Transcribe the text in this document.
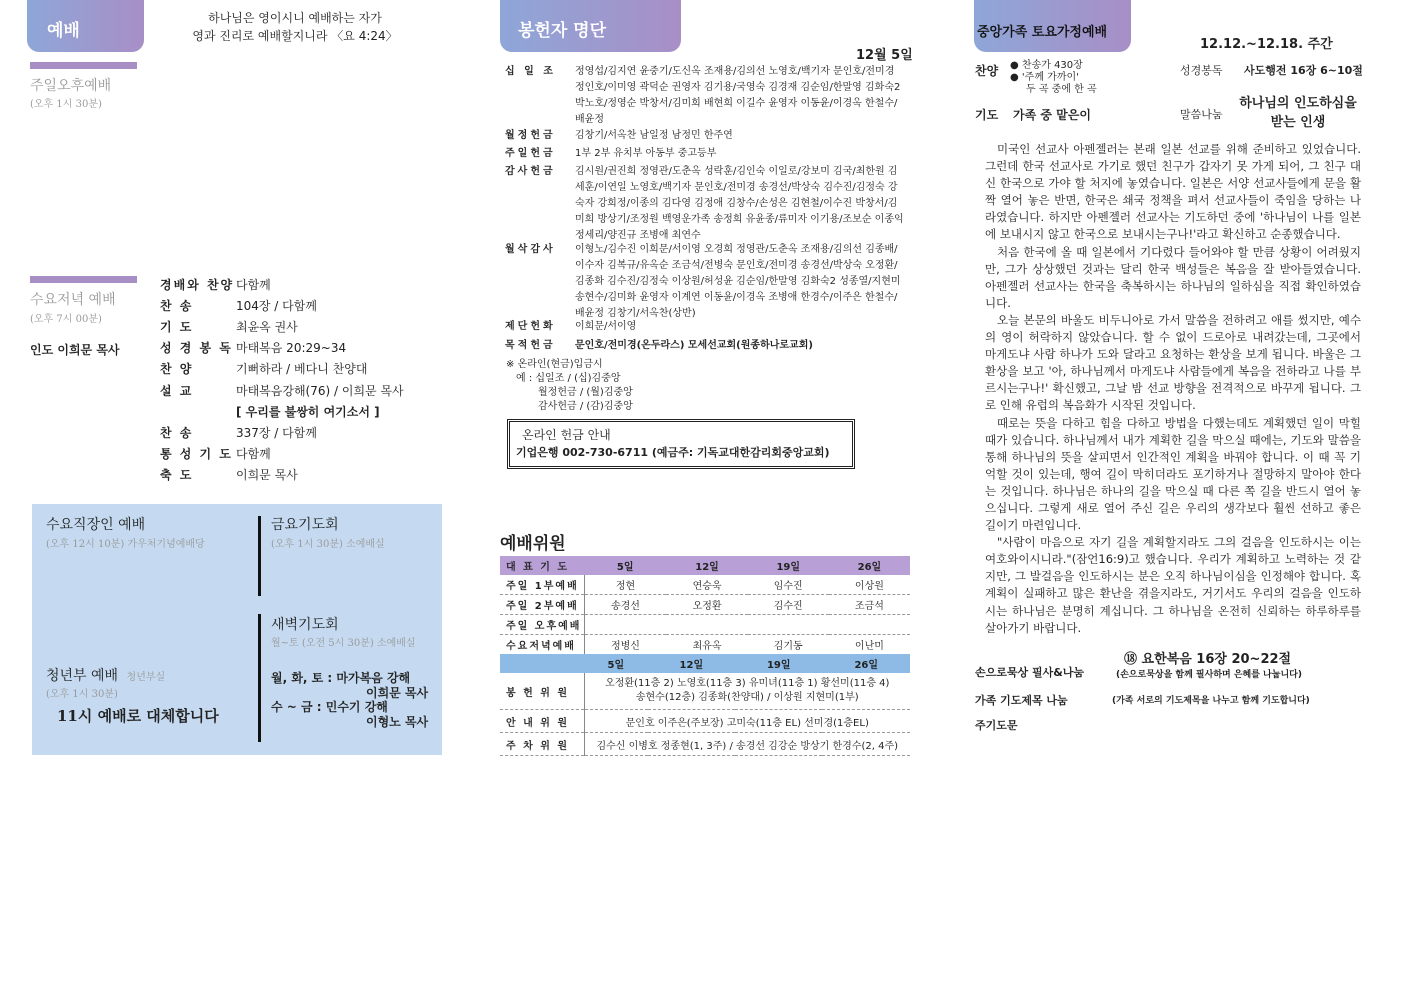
예배
하나님은 영이시니 예배하는 자가
영과 진리로 예배할지니라 〈요 4:24〉
주일오후예배
(오후 1시 30분)
수요저녁 예배
(오후 7시 00분)
인도 이희문 목사
경배와 찬양 다함께
찬 송	104장 / 다함께
기 도	최윤옥 권사
성 경 봉 독 마태복음 20:29~34
찬 양	기뻐하라 / 베다니 찬양대
설 교	마태복음강해(76) / 이희문 목사
[ 우리를 불쌍히 여기소서 ]
찬 송	337장 / 다함께
통 성 기 도 다함께
축 도	이희문 목사
수요직장인 예배
(오후 12시 10분) 가우처기념예배당
금요기도회
(오후 1시 30분) 소예배실
새벽기도회
월~토 (오전 5시 30분) 소예배실
월, 화, 토 : 마가복음 강해
이희문 목사
수 ~ 금 : 민수기 강해
이형노 목사
청년부 예배 청년부실
(오후 1시 30분)
11시 예배로 대체합니다
봉헌자 명단
12월 5일
십 일 조	정영섭/김지연 윤중기/도신옥 조재용/김의선 노영호/백기자 문인호/전미경 정인호/이미영 곽덕순 권영자 김기용/국영숙 김경재 김순임/한말영 김화숙2 박노호/정영순 박창서/김미희 배현희 이길수 윤영자 이동윤/이경옥 한철수/배윤정
월정헌금	김창기/서옥찬 남일정 남정민 한주연
주일헌금	1부 2부 유치부 아동부 중고등부
감사헌금	김시원/권진희 정영관/도춘옥 성락훈/김인숙 이일로/강보미 김국/최한원 김세훈/이연일 노영호/백기자 문인호/전미경 송경선/박상숙 김수진/김정숙 강숙자 강희정/이종의 김다영 김정애 김창수/손성은 김현철/이수진 박창서/김미희 방상기/조정원 백영운가족 송정희 유윤종/류미자 이기용/조보순 이종익 정세리/양진규 조병애 최연수
월삭감사	이형노/김수진 이희문/서이영 오경희 정영관/도춘옥 조재용/김의선 김종배/이수자 김복규/유옥순 조금석/전병숙 문인호/전미경 송경선/박상숙 오정환/김종화 김수진/김정숙 이상원/허성윤 김순임/한말영 김화숙2 성종열/지현미 송현수/김미화 윤영자 이계연 이동윤/이경옥 조병애 한경수/이주은 한철수/배윤정 김창기/서옥찬(상반)
제단헌화	이희문/서이영
목적헌금	문인호/전미경(온두라스) 모세선교회(원종하나로교회)
※ 온라인(현금)입금시
예 : 십일조 / (십)김중앙
월정헌금 / (월)김중앙
감사헌금 / (감)김중앙
온라인 헌금 안내
기업은행 002-730-6711 (예금주: 기독교대한감리회중앙교회)
예배위원
대 표 기 도	5일	12일	19일	26일
주일 1부예배	정현	연승욱	임수진	이상원
주일 2부예배	송경선	오정환	김수진	조금석
주일 오후예배				
수요저녁예배	정병신	최유옥	김기동	이난미
	5일	12일	19일	26일
봉 헌 위 원	오정환(11층 2) 노영호(11층 3) 유미녀(11층 1) 황선미(11층 4)
송현수(12층) 김종화(찬양대) / 이상원 지현미(1부)			

안 내 위 원	문인호 이주은(주보장) 고미숙(11층 EL) 선미경(1층EL)			
주 차 위 원	김수신 이병호 정종현(1, 3주) / 송경선 김강순 방상기 한경수(2, 4주)			
중앙가족 토요가정예배
12.12.~12.18. 주간
찬양 ● 찬송가 430장
● '주께 가까이'
두 곡 중에 한 곡
성경봉독 사도행전 16장 6~10절
기도 가족 중 맡은이	말씀나눔
하나님의 인도하심을
받는 인생

미국인 선교사 아펜젤러는 본래 일본 선교를 위해 준비하고 있었습니다. 그런데 한국 선교사로 가기로 했던 친구가 갑자기 못 가게 되어, 그 친구 대신 한국으로 가야 할 처지에 놓였습니다. 일본은 서양 선교사들에게 문을 활짝 열어 놓은 반면, 한국은 쇄국 정책을 펴서 선교사들이 죽임을 당하는 나라였습니다. 하지만 아펜젤러 선교사는 기도하던 중에 '하나님이 나를 일본에 보내시지 않고 한국으로 보내시는구나!'라고 확신하고 순종했습니다.

처음 한국에 올 때 일본에서 기다렸다 들어와야 할 만큼 상황이 어려웠지만, 그가 상상했던 것과는 달리 한국 백성들은 복음을 잘 받아들였습니다. 아펜젤러 선교사는 한국을 축복하시는 하나님의 일하심을 직접 확인하였습니다.

오늘 본문의 바울도 비두니아로 가서 말씀을 전하려고 애를 썼지만, 예수의 영이 허락하지 않았습니다. 할 수 없이 드로아로 내려갔는데, 그곳에서 마게도냐 사람 하나가 도와 달라고 요청하는 환상을 보게 됩니다. 바울은 그 환상을 보고 '아, 하나님께서 마게도냐 사람들에게 복음을 전하라고 나를 부르시는구나!' 확신했고, 그날 밤 선교 방향을 전격적으로 바꾸게 됩니다. 그로 인해 유럽의 복음화가 시작된 것입니다.

때로는 뜻을 다하고 힘을 다하고 방법을 다했는데도 계획했던 일이 막힐 때가 있습니다. 하나님께서 내가 계획한 길을 막으실 때에는, 기도와 말씀을 통해 하나님의 뜻을 살피면서 인간적인 계획을 바꿔야 합니다. 이 때 꼭 기억할 것이 있는데, 행여 길이 막히더라도 포기하거나 절망하지 말아야 한다는 것입니다. 하나님은 하나의 길을 막으실 때 다른 쪽 길을 반드시 열어 놓으십니다. 그렇게 새로 열어 주신 길은 우리의 생각보다 훨씬 선하고 좋은 길이기 마련입니다.

"사람이 마음으로 자기 길을 계획할지라도 그의 걸음을 인도하시는 이는 여호와이시니라."(잠언16:9)고 했습니다. 우리가 계획하고 노력하는 것 같지만, 그 발걸음을 인도하시는 분은 오직 하나님이심을 인정해야 합니다. 혹 계획이 실패하고 많은 환난을 겪을지라도, 거기서도 우리의 걸음을 인도하시는 하나님은 분명히 계십니다. 그 하나님을 온전히 신뢰하는 하루하루를 살아가기 바랍니다.

⑱ 요한복음 16장 20~22절
손으로묵상 필사&나눔	(손으로묵상을 함께 필사하며 은혜를 나눕니다)
가족 기도제목 나눔	(가족 서로의 기도제목을 나누고 함께 기도합니다)
주기도문
